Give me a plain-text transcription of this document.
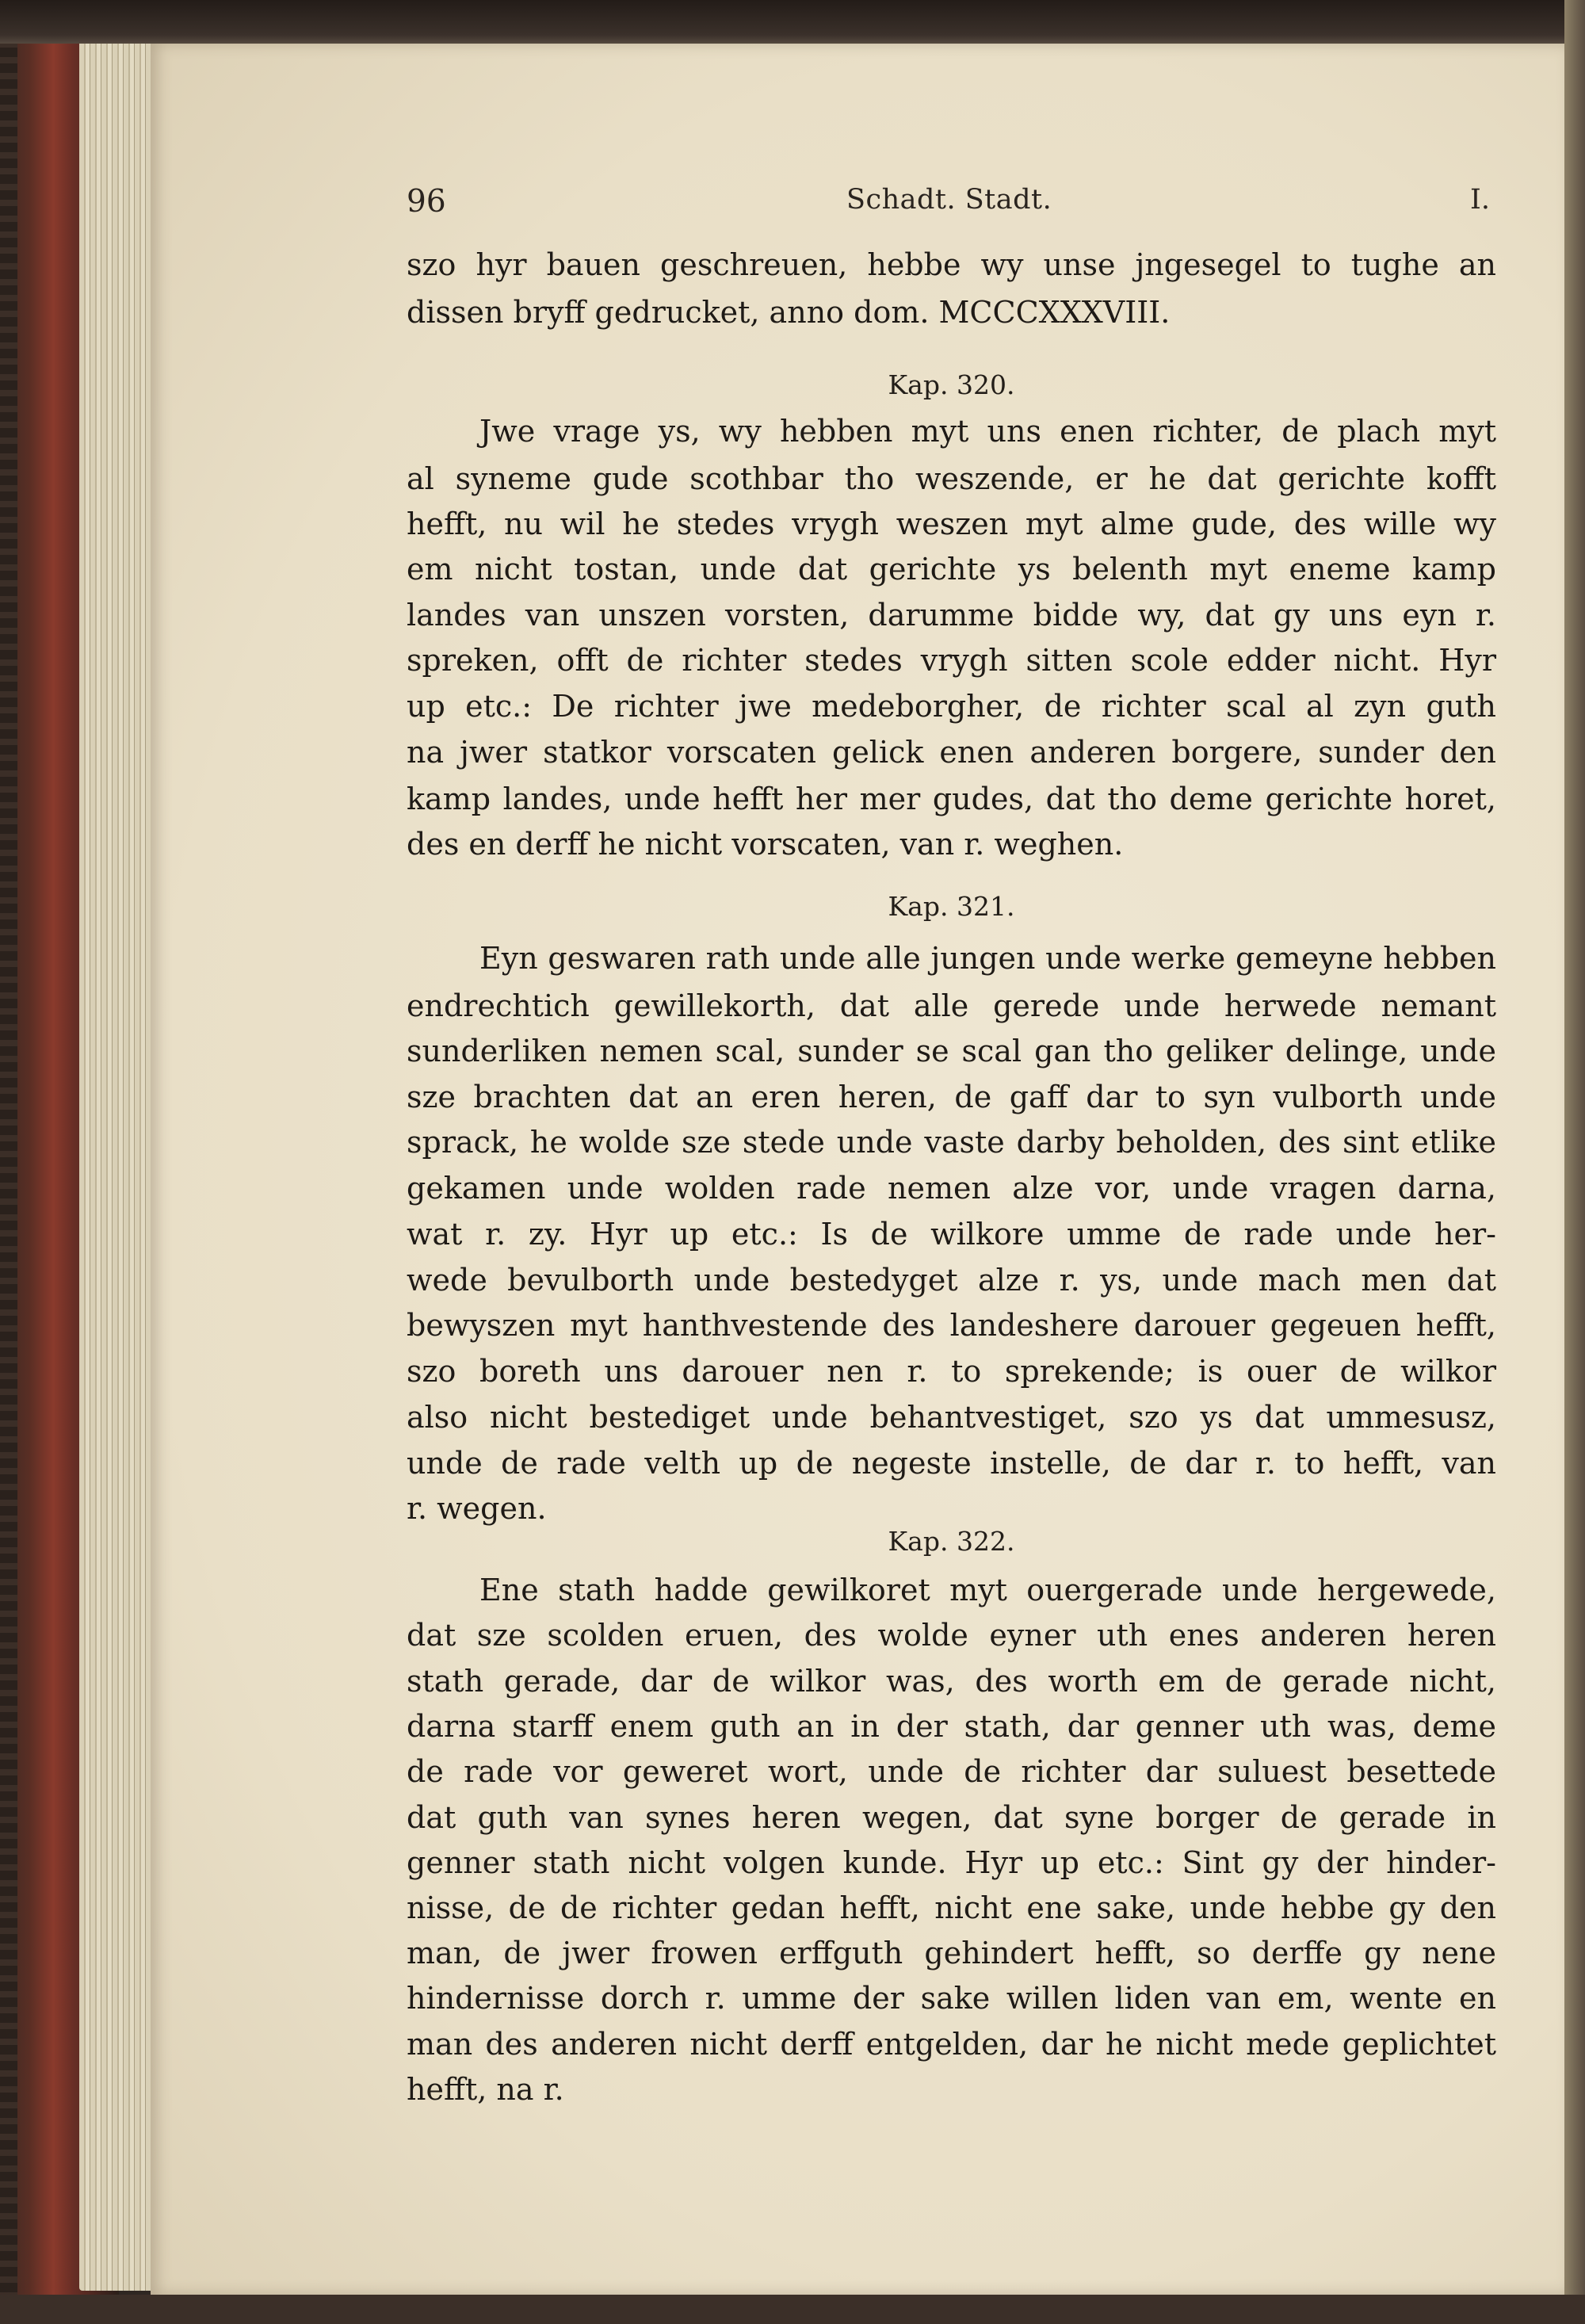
96	Schadt. Stadt.	I.
szo hyr bauen geschreuen, hebbe wy unse jngesegel to tughe an
dissen bryff gedrucket, anno dom. MCCCXXXVIII.
Kap. 320.
Jwe vrage ys, wy hebben myt uns enen richter, de plach myt
al syneme gude scothbar tho weszende, er he dat gerichte kofft
hefft, nu wil he stedes vrygh weszen myt alme gude, des wille wy
em nicht tostan, unde dat gerichte ys belenth myt eneme kamp
landes van unszen vorsten, darumme bidde wy, dat gy uns eyn r.
spreken, offt de richter stedes vrygh sitten scole edder nicht. Hyr
up etc.: De richter jwe medeborgher, de richter scal al zyn guth
na jwer statkor vorscaten gelick enen anderen borgere, sunder den
kamp landes, unde hefft her mer gudes, dat tho deme gerichte horet,
des en derff he nicht vorscaten, van r. weghen.
Kap. 321.
Eyn geswaren rath unde alle jungen unde werke gemeyne hebben
endrechtich gewillekorth, dat alle gerede unde herwede nemant
sunderliken nemen scal, sunder se scal gan tho geliker delinge, unde
sze brachten dat an eren heren, de gaff dar to syn vulborth unde
sprack, he wolde sze stede unde vaste darby beholden, des sint etlike
gekamen unde wolden rade nemen alze vor, unde vragen darna,
wat r. zy. Hyr up etc.: Is de wilkore umme de rade unde her-
wede bevulborth unde bestedyget alze r. ys, unde mach men dat
bewyszen myt hanthvestende des landeshere darouer gegeuen hefft,
szo boreth uns darouer nen r. to sprekende; is ouer de wilkor
also nicht bestediget unde behantvestiget, szo ys dat ummesusz,
unde de rade velth up de negeste instelle, de dar r. to hefft, van
r. wegen.
Kap. 322.
Ene stath hadde gewilkoret myt ouergerade unde hergewede,
dat sze scolden eruen, des wolde eyner uth enes anderen heren
stath gerade, dar de wilkor was, des worth em de gerade nicht,
darna starff enem guth an in der stath, dar genner uth was, deme
de rade vor geweret wort, unde de richter dar suluest besettede
dat guth van synes heren wegen, dat syne borger de gerade in
genner stath nicht volgen kunde. Hyr up etc.: Sint gy der hinder-
nisse, de de richter gedan hefft, nicht ene sake, unde hebbe gy den
man, de jwer frowen erffguth gehindert hefft, so derffe gy nene
hindernisse dorch r. umme der sake willen liden van em, wente en
man des anderen nicht derff entgelden, dar he nicht mede geplichtet
hefft, na r.
